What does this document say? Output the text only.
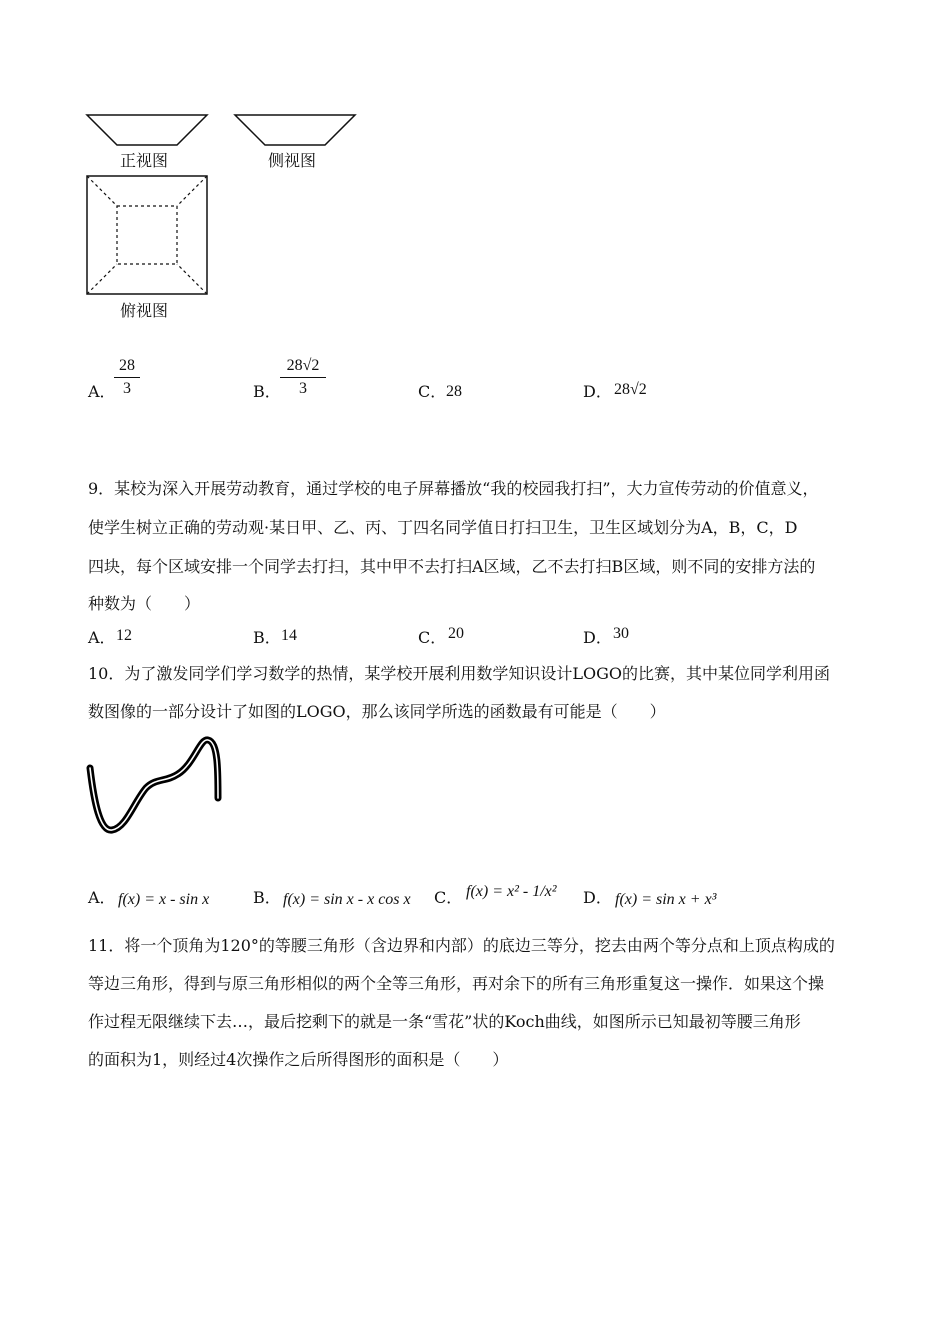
正视图	侧视图
俯视图
A．
28
3	B．
28√2
3	C． 28	D． 28√2
9．某校为深入开展劳动教育，通过学校的电子屏幕播放“我的校园我打扫”，大力宣传劳动的价值意义，
使学生树立正确的劳动观·某日甲、乙、丙、丁四名同学值日打扫卫生，卫生区域划分为A，B，C，D
四块，每个区域安排一个同学去打扫，其中甲不去打扫A区域，乙不去打扫B区域，则不同的安排方法的
种数为（　　）
A． 12	B． 14	C． 20	D． 30
10．为了激发同学们学习数学的热情，某学校开展利用数学知识设计LOGO的比赛，其中某位同学利用函
数图像的一部分设计了如图的LOGO，那么该同学所选的函数最有可能是（　　）
A． f(x) = x - sin x	B． f(x) = sin x - x cos x C． f(x) = x² - 1/x² D． f(x) = sin x + x³
11．将一个顶角为120°的等腰三角形（含边界和内部）的底边三等分，挖去由两个等分点和上顶点构成的
等边三角形，得到与原三角形相似的两个全等三角形，再对余下的所有三角形重复这一操作．如果这个操
作过程无限继续下去…，最后挖剩下的就是一条“雪花”状的Koch曲线，如图所示已知最初等腰三角形
的面积为1，则经过4次操作之后所得图形的面积是（　　）
